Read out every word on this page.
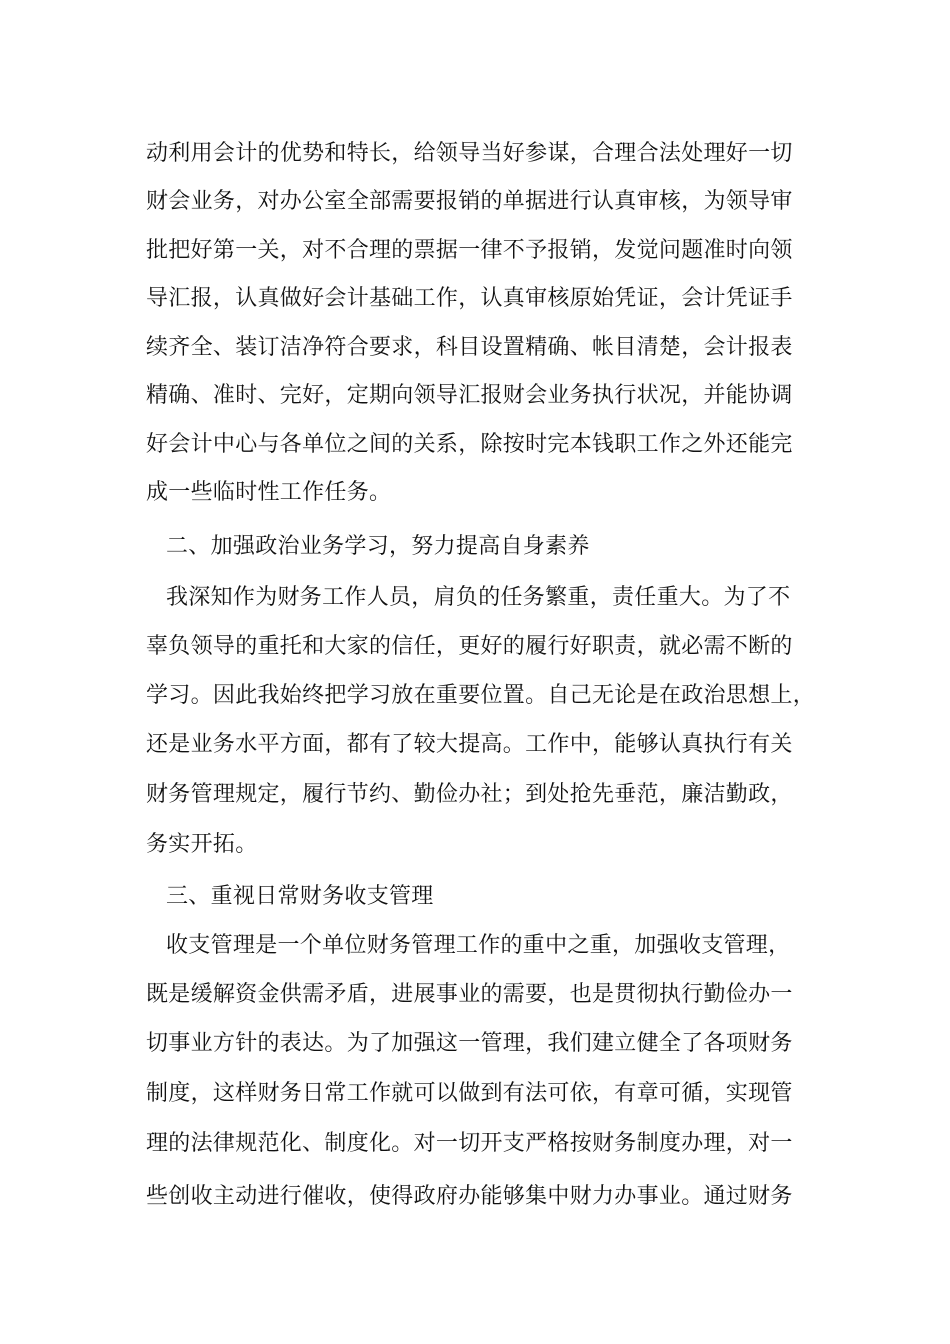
动利用会计的优势和特长，给领导当好参谋，合理合法处理好一切
财会业务，对办公室全部需要报销的单据进行认真审核，为领导审
批把好第一关，对不合理的票据一律不予报销，发觉问题准时向领
导汇报，认真做好会计基础工作，认真审核原始凭证，会计凭证手
续齐全、装订洁净符合要求，科目设置精确、帐目清楚，会计报表
精确、准时、完好，定期向领导汇报财会业务执行状况，并能协调
好会计中心与各单位之间的关系，除按时完本钱职工作之外还能完
成一些临时性工作任务。
二、加强政治业务学习，努力提高自身素养
我深知作为财务工作人员，肩负的任务繁重，责任重大。为了不
辜负领导的重托和大家的信任，更好的履行好职责，就必需不断的
学习。因此我始终把学习放在重要位置。自己无论是在政治思想上，
还是业务水平方面，都有了较大提高。工作中，能够认真执行有关
财务管理规定，履行节约、勤俭办社；到处抢先垂范，廉洁勤政，
务实开拓。
三、重视日常财务收支管理
收支管理是一个单位财务管理工作的重中之重，加强收支管理，
既是缓解资金供需矛盾，进展事业的需要，也是贯彻执行勤俭办一
切事业方针的表达。为了加强这一管理，我们建立健全了各项财务
制度，这样财务日常工作就可以做到有法可依，有章可循，实现管
理的法律规范化、制度化。对一切开支严格按财务制度办理，对一
些创收主动进行催收，使得政府办能够集中财力办事业。通过财务
